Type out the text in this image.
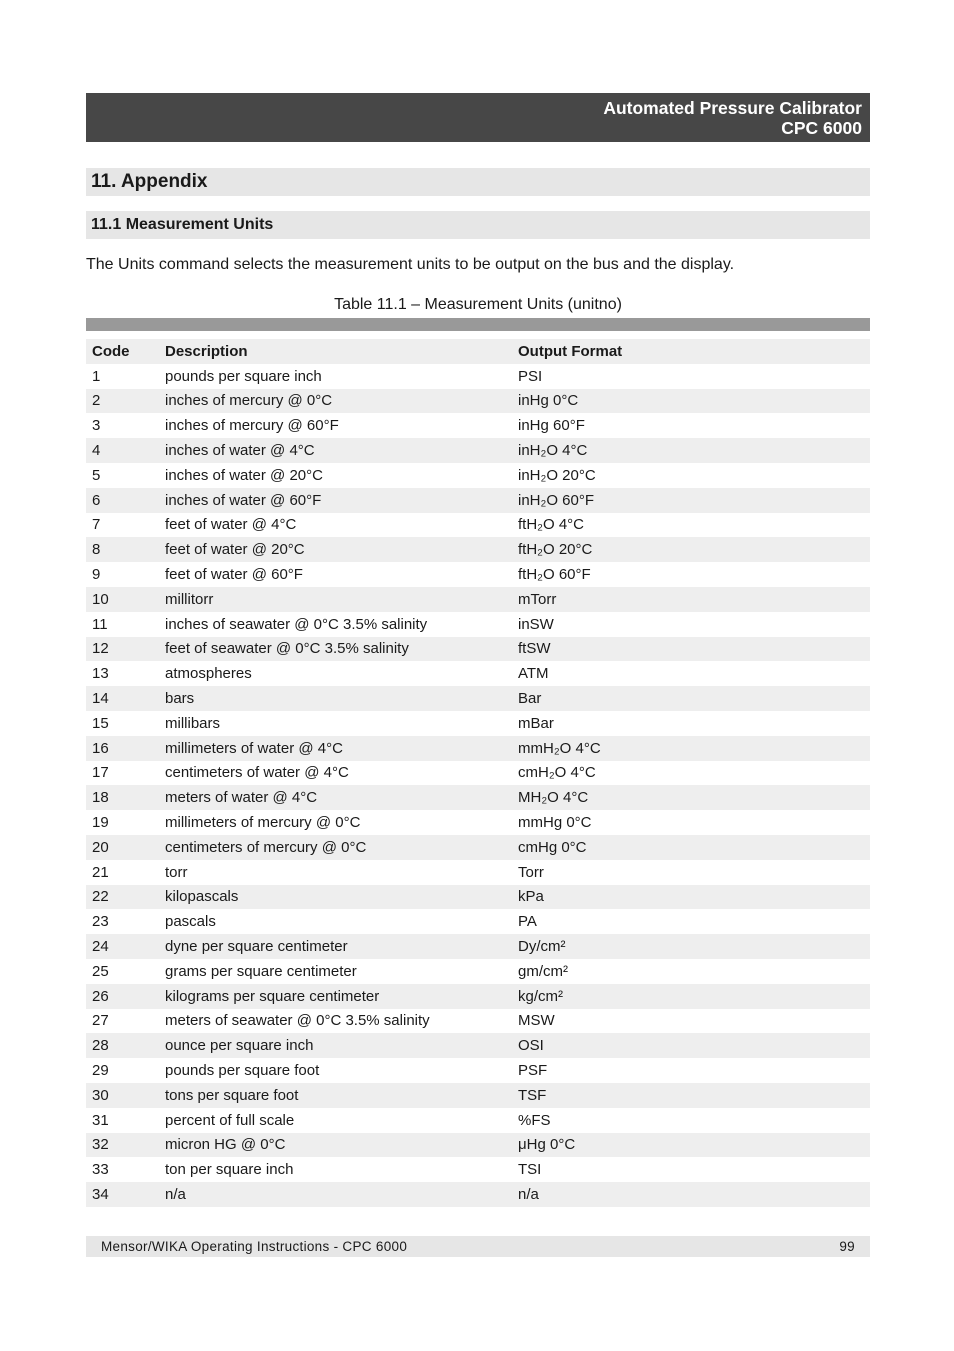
Automated Pressure Calibrator
CPC 6000
11. Appendix
11.1 Measurement Units
The Units command selects the measurement units to be output on the bus and the display.
Table 11.1 – Measurement Units (unitno)
Code	Description	Output Format
1	pounds per square inch	PSI
2	inches of mercury @ 0°C	inHg 0°C
3	inches of mercury @ 60°F	inHg 60°F
4	inches of water @ 4°C	inH₂O 4°C
5	inches of water @ 20°C	inH₂O 20°C
6	inches of water @ 60°F	inH₂O 60°F
7	feet of water @ 4°C	ftH₂O 4°C
8	feet of water @ 20°C	ftH₂O 20°C
9	feet of water @ 60°F	ftH₂O 60°F
10	millitorr	mTorr
11	inches of seawater @ 0°C 3.5% salinity	inSW
12	feet of seawater @ 0°C 3.5% salinity	ftSW
13	atmospheres	ATM
14	bars	Bar
15	millibars	mBar
16	millimeters of water @ 4°C	mmH₂O 4°C
17	centimeters of water @ 4°C	cmH₂O 4°C
18	meters of water @ 4°C	MH₂O 4°C
19	millimeters of mercury @ 0°C	mmHg 0°C
20	centimeters of mercury @ 0°C	cmHg 0°C
21	torr	Torr
22	kilopascals	kPa
23	pascals	PA
24	dyne per square centimeter	Dy/cm²
25	grams per square centimeter	gm/cm²
26	kilograms per square centimeter	kg/cm²
27	meters of seawater @ 0°C 3.5% salinity	MSW
28	ounce per square inch	OSI
29	pounds per square foot	PSF
30	tons per square foot	TSF
31	percent of full scale	%FS
32	micron HG @ 0°C	μHg 0°C
33	ton per square inch	TSI
34	n/a	n/a
Mensor/WIKA Operating Instructions - CPC 6000	99
